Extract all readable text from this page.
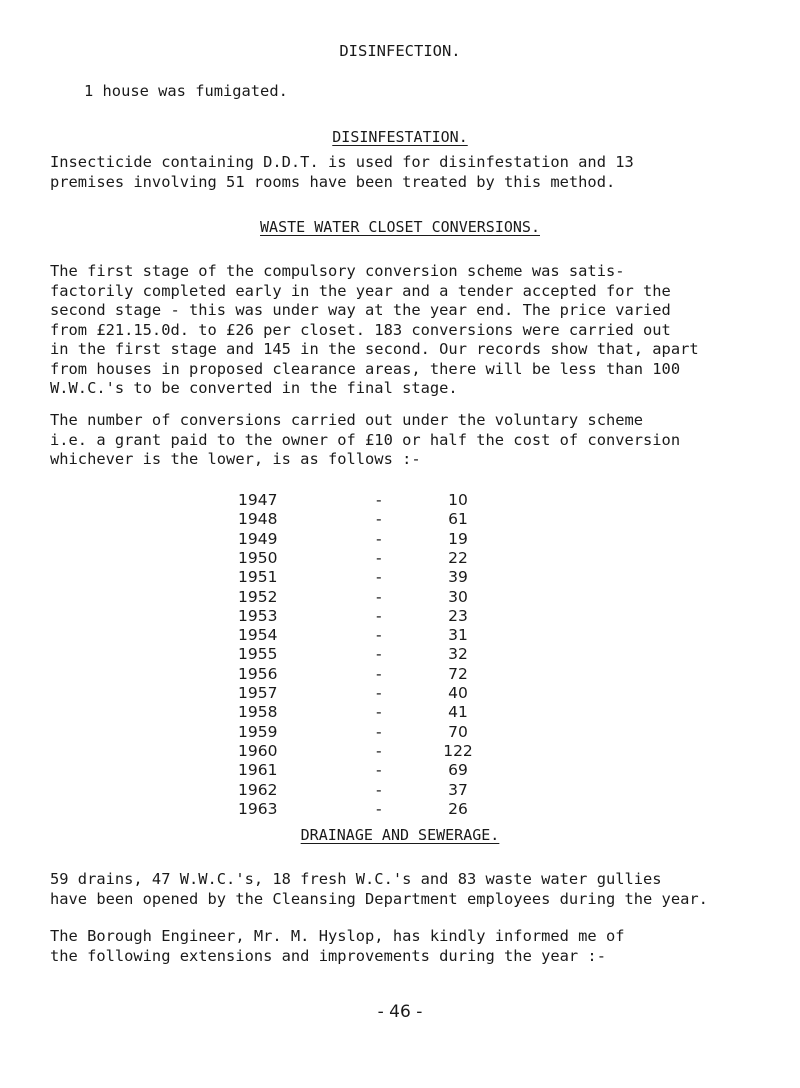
DISINFECTION.
1 house was fumigated.
DISINFESTATION.

Insecticide containing D.D.T. is used for disinfestation and 13

premises involving 51 rooms have been treated by this method.

WASTE WATER CLOSET CONVERSIONS.

The first stage of the compulsory conversion scheme was satis-

factorily completed early in the year and a tender accepted for the

second stage - this was under way at the year end. The price varied

from £21.15.0d. to £26 per closet. 183 conversions were carried out

in the first stage and 145 in the second. Our records show that, apart

from houses in proposed clearance areas, there will be less than 100

W.W.C.'s to be converted in the final stage.

The number of conversions carried out under the voluntary scheme

i.e. a grant paid to the owner of £10 or half the cost of conversion

whichever is the lower, is as follows :-

1947	-	10
1948	-	61
1949	-	19
1950	-	22
1951	-	39
1952	-	30
1953	-	23
1954	-	31
1955	-	32
1956	-	72
1957	-	40
1958	-	41
1959	-	70
1960	-	122
1961	-	69
1962	-	37
1963	-	26
DRAINAGE AND SEWERAGE.

59 drains, 47 W.W.C.'s, 18 fresh W.C.'s and 83 waste water gullies

have been opened by the Cleansing Department employees during the year.

The Borough Engineer, Mr. M. Hyslop, has kindly informed me of

the following extensions and improvements during the year :-

- 46 -
